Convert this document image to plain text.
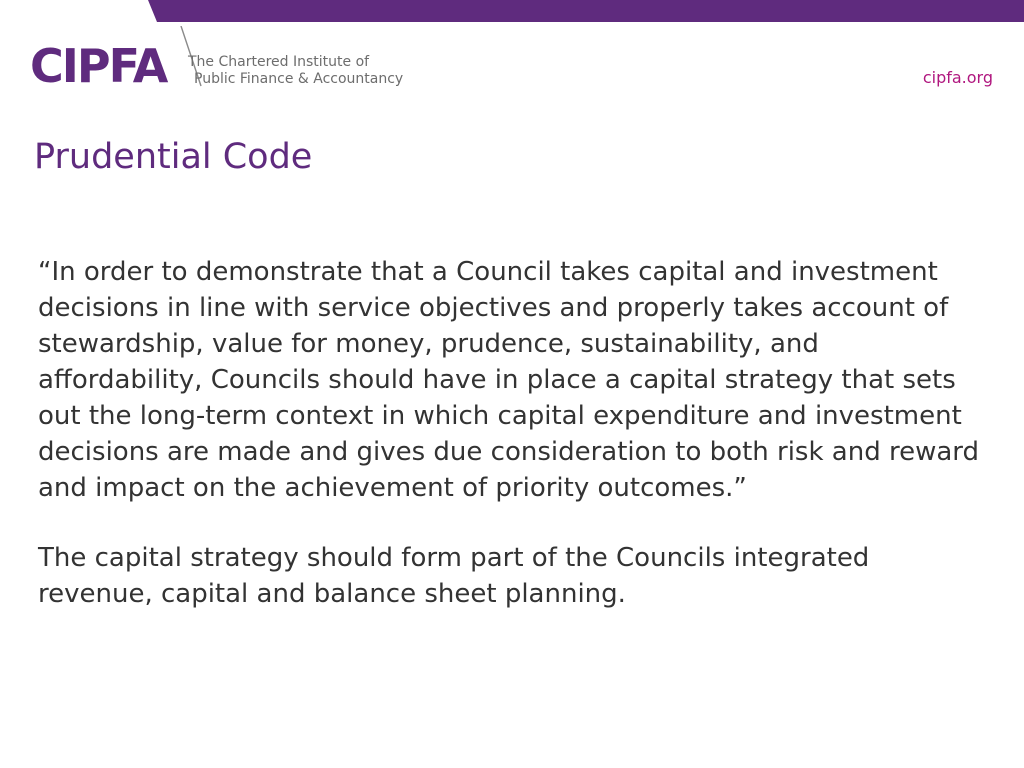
CIPFA The Chartered Institute of
Public Finance & Accountancy	cipfa.org
Prudential Code

“In order to demonstrate that a Council takes capital and investment decisions in line with service objectives and properly takes account of stewardship, value for money, prudence, sustainability, and affordability, Councils should have in place a capital strategy that sets out the long-term context in which capital expenditure and investment decisions are made and gives due consideration to both risk and reward and impact on the achievement of priority outcomes.”

The capital strategy should form part of the Councils integrated revenue, capital and balance sheet planning.
